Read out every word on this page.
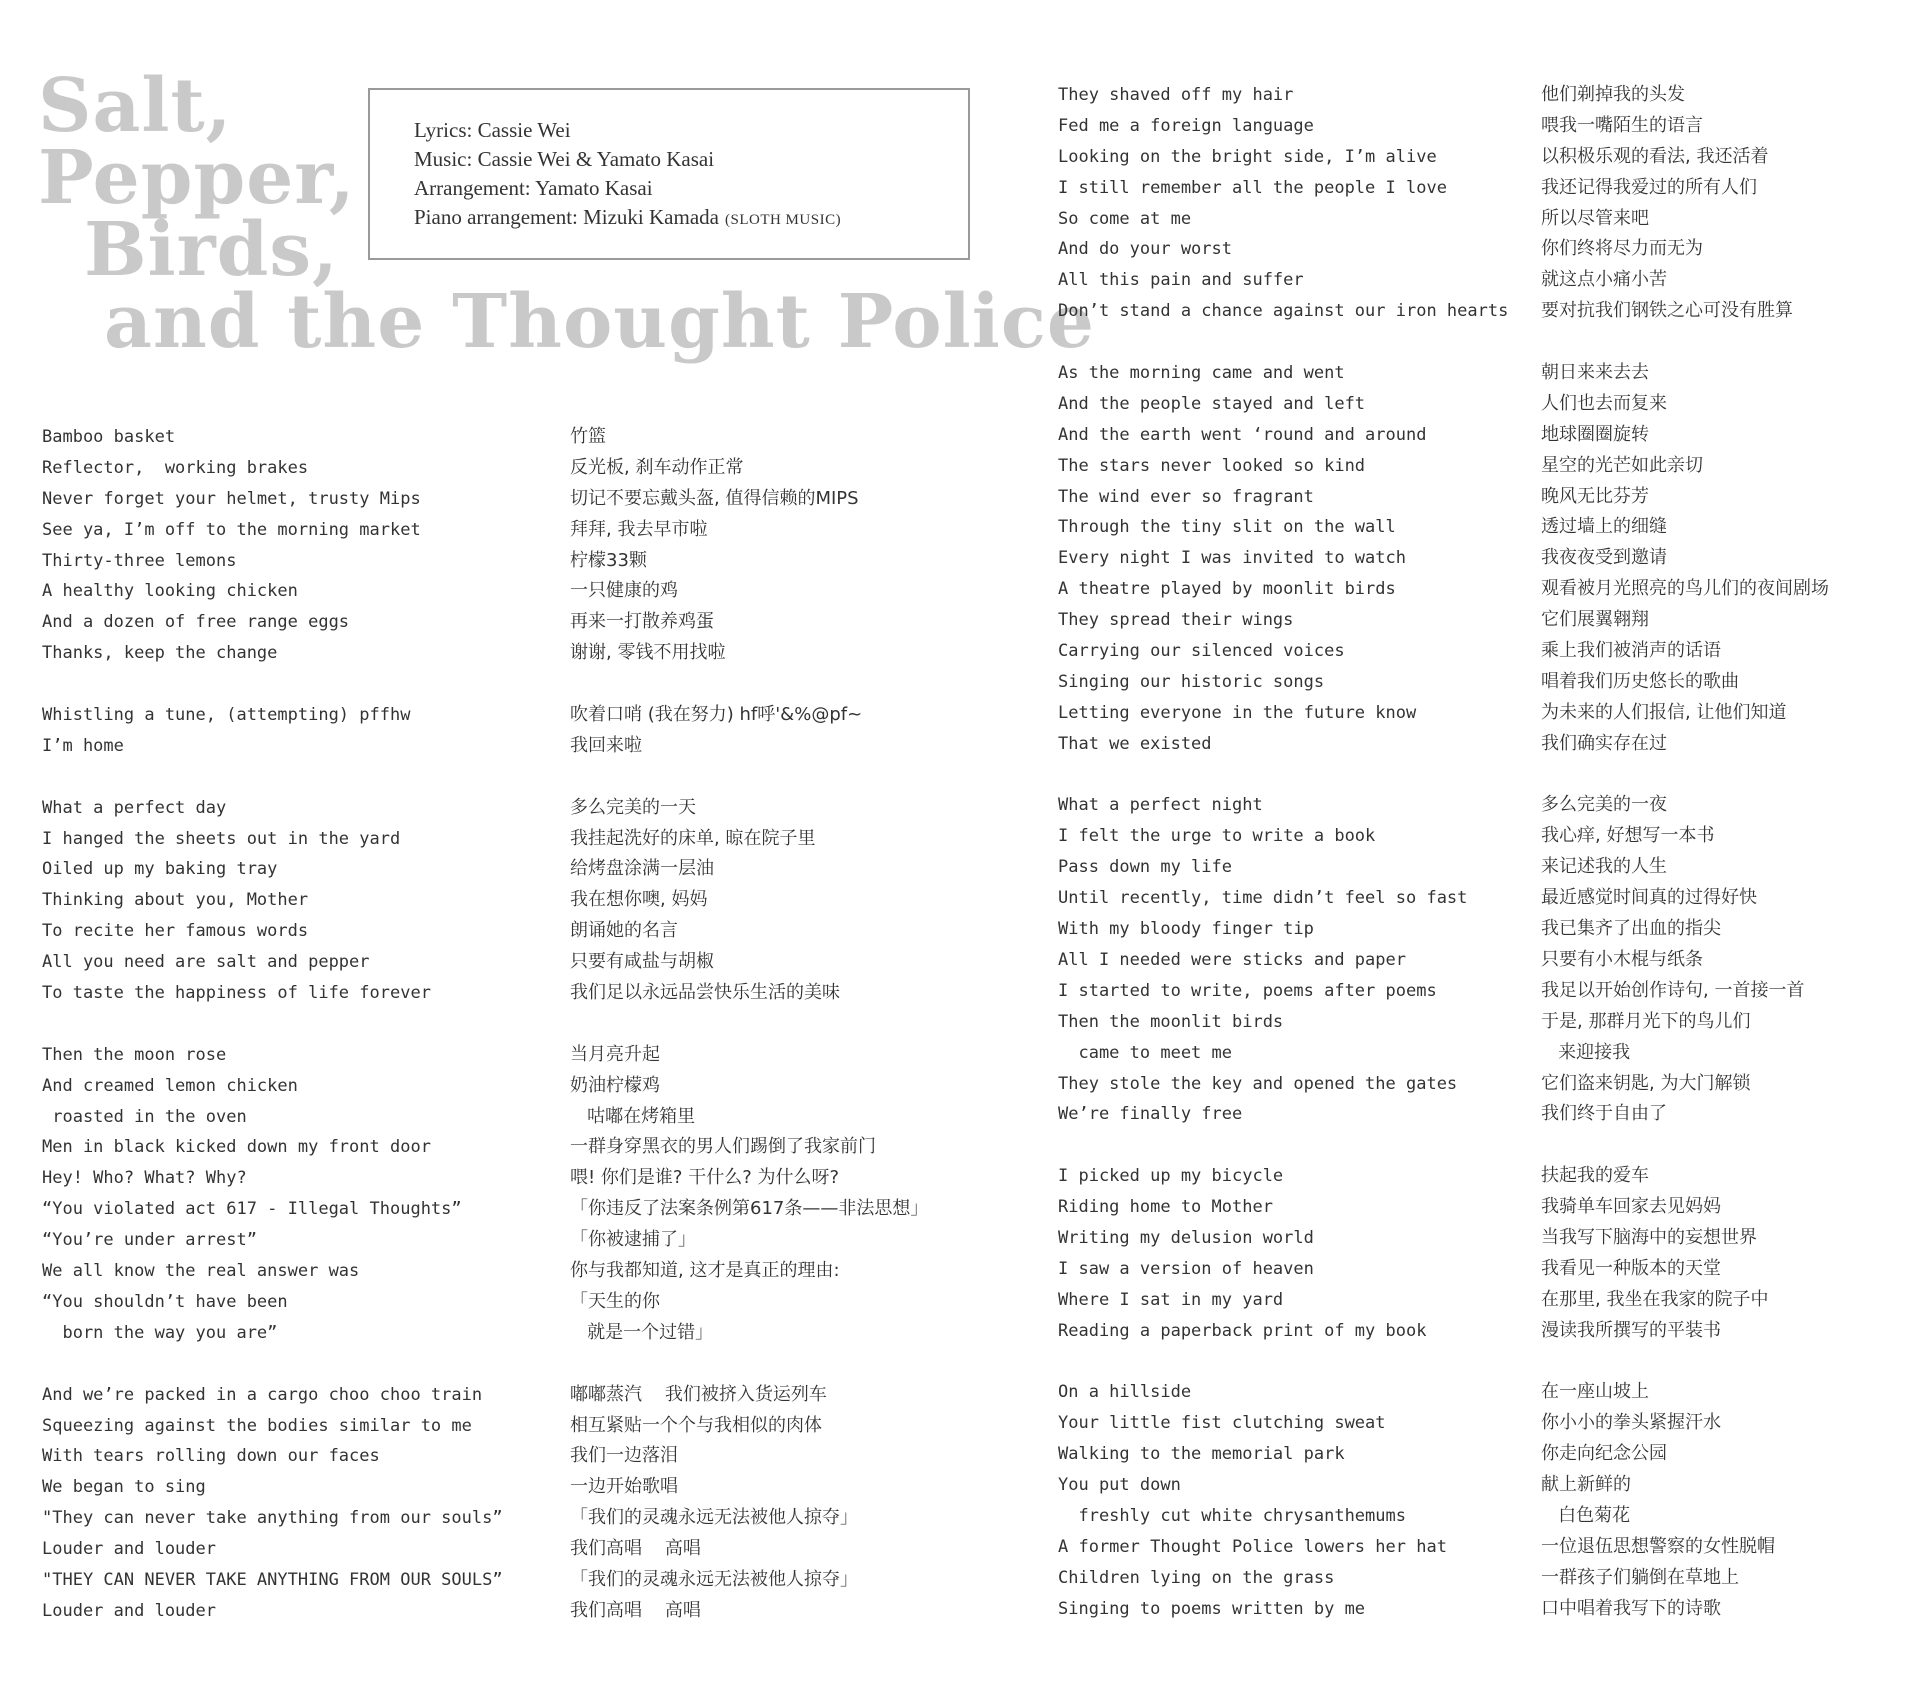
Salt,
Pepper,
Birds,
and the Thought Police
Lyrics: Cassie Wei
Music: Cassie Wei & Yamato Kasai
Arrangement: Yamato Kasai
Piano arrangement: Mizuki Kamada (SLOTH MUSIC)
Bamboo basket
Reflector,  working brakes
Never forget your helmet, trusty Mips
See ya, I’m off to the morning market
Thirty-three lemons
A healthy looking chicken
And a dozen of free range eggs
Thanks, keep the change
Whistling a tune, (attempting) pffhw
I’m home
What a perfect day
I hanged the sheets out in the yard
Oiled up my baking tray
Thinking about you, Mother
To recite her famous words
All you need are salt and pepper
To taste the happiness of life forever
Then the moon rose
And creamed lemon chicken
roasted in the oven
Men in black kicked down my front door
Hey! Who? What? Why?
“You violated act 617 - Illegal Thoughts”
“You’re under arrest”
We all know the real answer was
“You shouldn’t have been
born the way you are”
And we’re packed in a cargo choo choo train
Squeezing against the bodies similar to me
With tears rolling down our faces
We began to sing
"They can never take anything from our souls”
Louder and louder
"THEY CAN NEVER TAKE ANYTHING FROM OUR SOULS”
Louder and louder
竹篮
反光板, 刹车动作正常
切记不要忘戴头盔, 值得信赖的MIPS
拜拜, 我去早市啦
柠檬33颗
一只健康的鸡
再来一打散养鸡蛋
谢谢, 零钱不用找啦
吹着口哨 (我在努力) hf呼'&%@pf~
我回来啦
多么完美的一天
我挂起洗好的床单, 晾在院子里
给烤盘涂满一层油
我在想你噢, 妈妈
朗诵她的名言
只要有咸盐与胡椒
我们足以永远品尝快乐生活的美味
当月亮升起
奶油柠檬鸡
咕嘟在烤箱里
一群身穿黑衣的男人们踢倒了我家前门
喂! 你们是谁? 干什么? 为什么呀?
「你违反了法案条例第617条——非法思想」
「你被逮捕了」
你与我都知道, 这才是真正的理由:
「天生的你
就是一个过错」
嘟嘟蒸汽    我们被挤入货运列车
相互紧贴一个个与我相似的肉体
我们一边落泪
一边开始歌唱
「我们的灵魂永远无法被他人掠夺」
我们高唱    高唱
「我们的灵魂永远无法被他人掠夺」
我们高唱    高唱
They shaved off my hair
Fed me a foreign language
Looking on the bright side, I’m alive
I still remember all the people I love
So come at me
And do your worst
All this pain and suffer
Don’t stand a chance against our iron hearts
As the morning came and went
And the people stayed and left
And the earth went ‘round and around
The stars never looked so kind
The wind ever so fragrant
Through the tiny slit on the wall
Every night I was invited to watch
A theatre played by moonlit birds
They spread their wings
Carrying our silenced voices
Singing our historic songs
Letting everyone in the future know
That we existed
What a perfect night
I felt the urge to write a book
Pass down my life
Until recently, time didn’t feel so fast
With my bloody finger tip
All I needed were sticks and paper
I started to write, poems after poems
Then the moonlit birds
came to meet me
They stole the key and opened the gates
We’re finally free
I picked up my bicycle
Riding home to Mother
Writing my delusion world
I saw a version of heaven
Where I sat in my yard
Reading a paperback print of my book
On a hillside
Your little fist clutching sweat
Walking to the memorial park
You put down
freshly cut white chrysanthemums
A former Thought Police lowers her hat
Children lying on the grass
Singing to poems written by me
他们剃掉我的头发
喂我一嘴陌生的语言
以积极乐观的看法, 我还活着
我还记得我爱过的所有人们
所以尽管来吧
你们终将尽力而无为
就这点小痛小苦
要对抗我们钢铁之心可没有胜算
朝日来来去去
人们也去而复来
地球圈圈旋转
星空的光芒如此亲切
晚风无比芬芳
透过墙上的细缝
我夜夜受到邀请
观看被月光照亮的鸟儿们的夜间剧场
它们展翼翱翔
乘上我们被消声的话语
唱着我们历史悠长的歌曲
为未来的人们报信, 让他们知道
我们确实存在过
多么完美的一夜
我心痒, 好想写一本书
来记述我的人生
最近感觉时间真的过得好快
我已集齐了出血的指尖
只要有小木棍与纸条
我足以开始创作诗句, 一首接一首
于是, 那群月光下的鸟儿们
来迎接我
它们盗来钥匙, 为大门解锁
我们终于自由了
扶起我的爱车
我骑单车回家去见妈妈
当我写下脑海中的妄想世界
我看见一种版本的天堂
在那里, 我坐在我家的院子中
漫读我所撰写的平装书
在一座山坡上
你小小的拳头紧握汗水
你走向纪念公园
献上新鲜的
白色菊花
一位退伍思想警察的女性脱帽
一群孩子们躺倒在草地上
口中唱着我写下的诗歌
